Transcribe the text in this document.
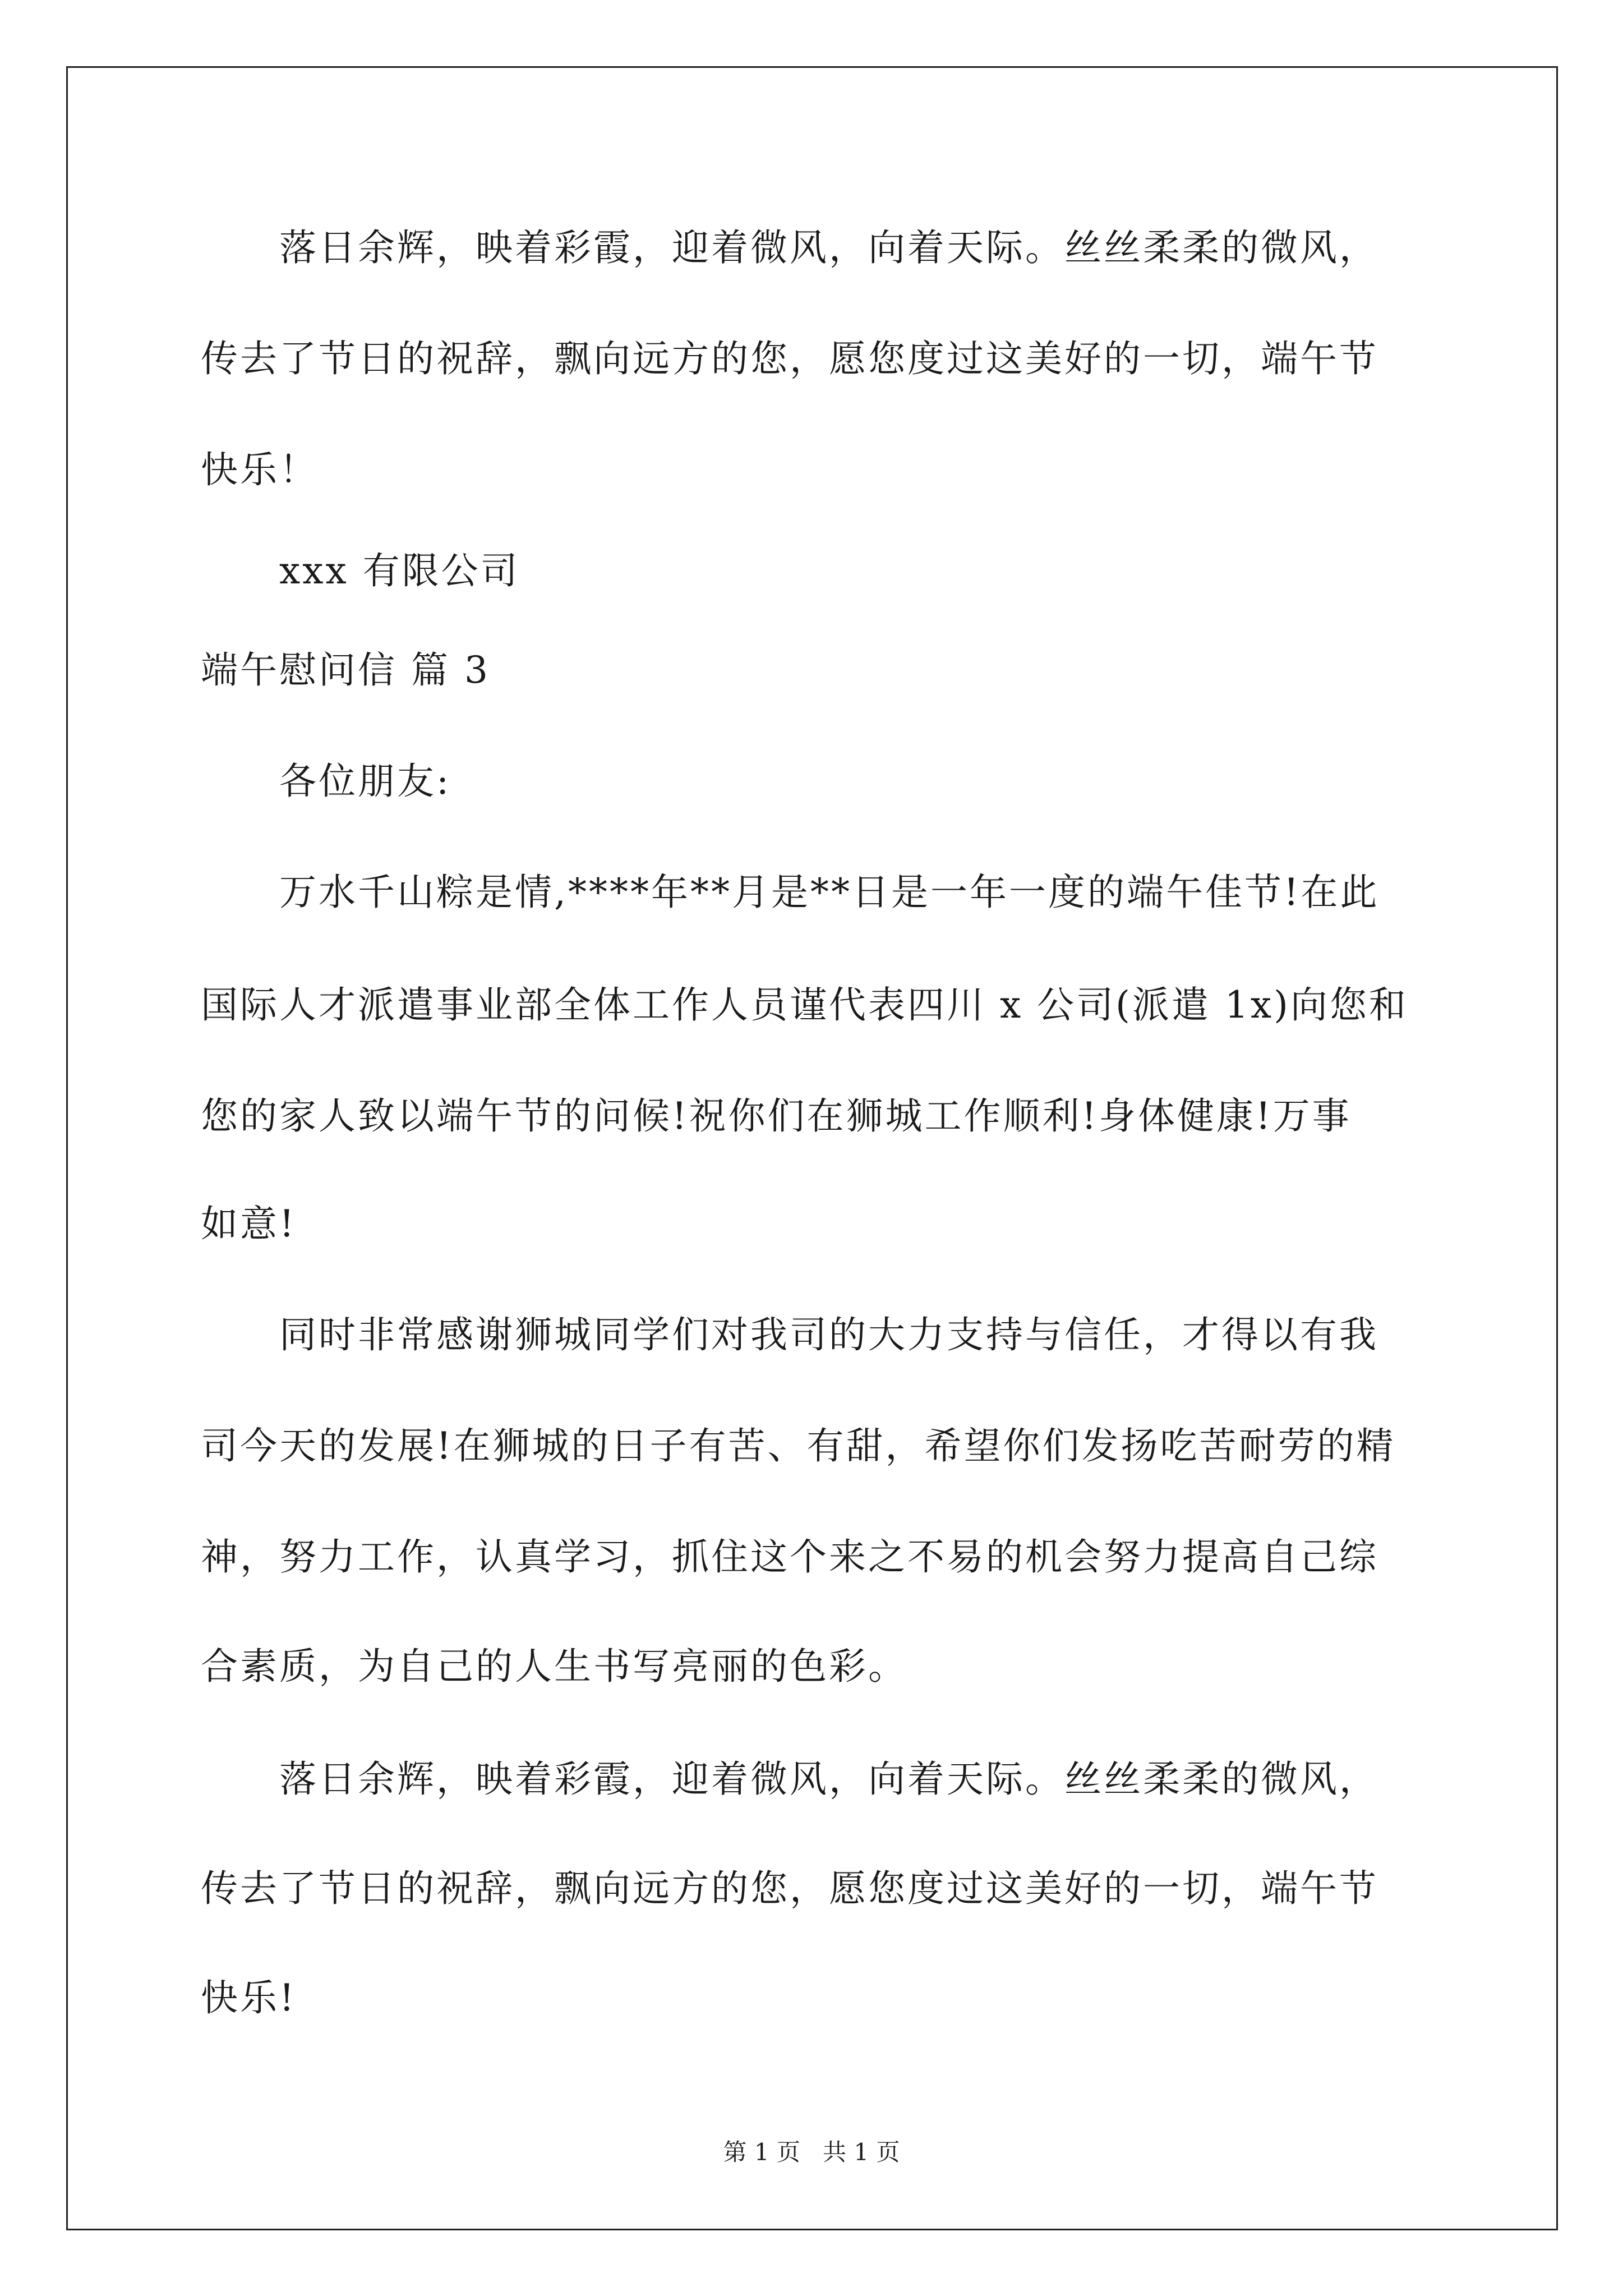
　　落日余辉，映着彩霞，迎着微风，向着天际。丝丝柔柔的微风，
传去了节日的祝辞，飘向远方的您，愿您度过这美好的一切，端午节
快乐！
　　xxx 有限公司
端午慰问信 篇 3
　　各位朋友:
　　万水千山粽是情,****年**月是**日是一年一度的端午佳节!在此
国际人才派遣事业部全体工作人员谨代表四川 x 公司(派遣 1x)向您和
您的家人致以端午节的问候!祝你们在狮城工作顺利!身体健康!万事
如意!
　　同时非常感谢狮城同学们对我司的大力支持与信任，才得以有我
司今天的发展!在狮城的日子有苦、有甜，希望你们发扬吃苦耐劳的精
神，努力工作，认真学习，抓住这个来之不易的机会努力提高自己综
合素质，为自己的人生书写亮丽的色彩。
　　落日余辉，映着彩霞，迎着微风，向着天际。丝丝柔柔的微风，
传去了节日的祝辞，飘向远方的您，愿您度过这美好的一切，端午节
快乐!
第 1 页   共 1 页
